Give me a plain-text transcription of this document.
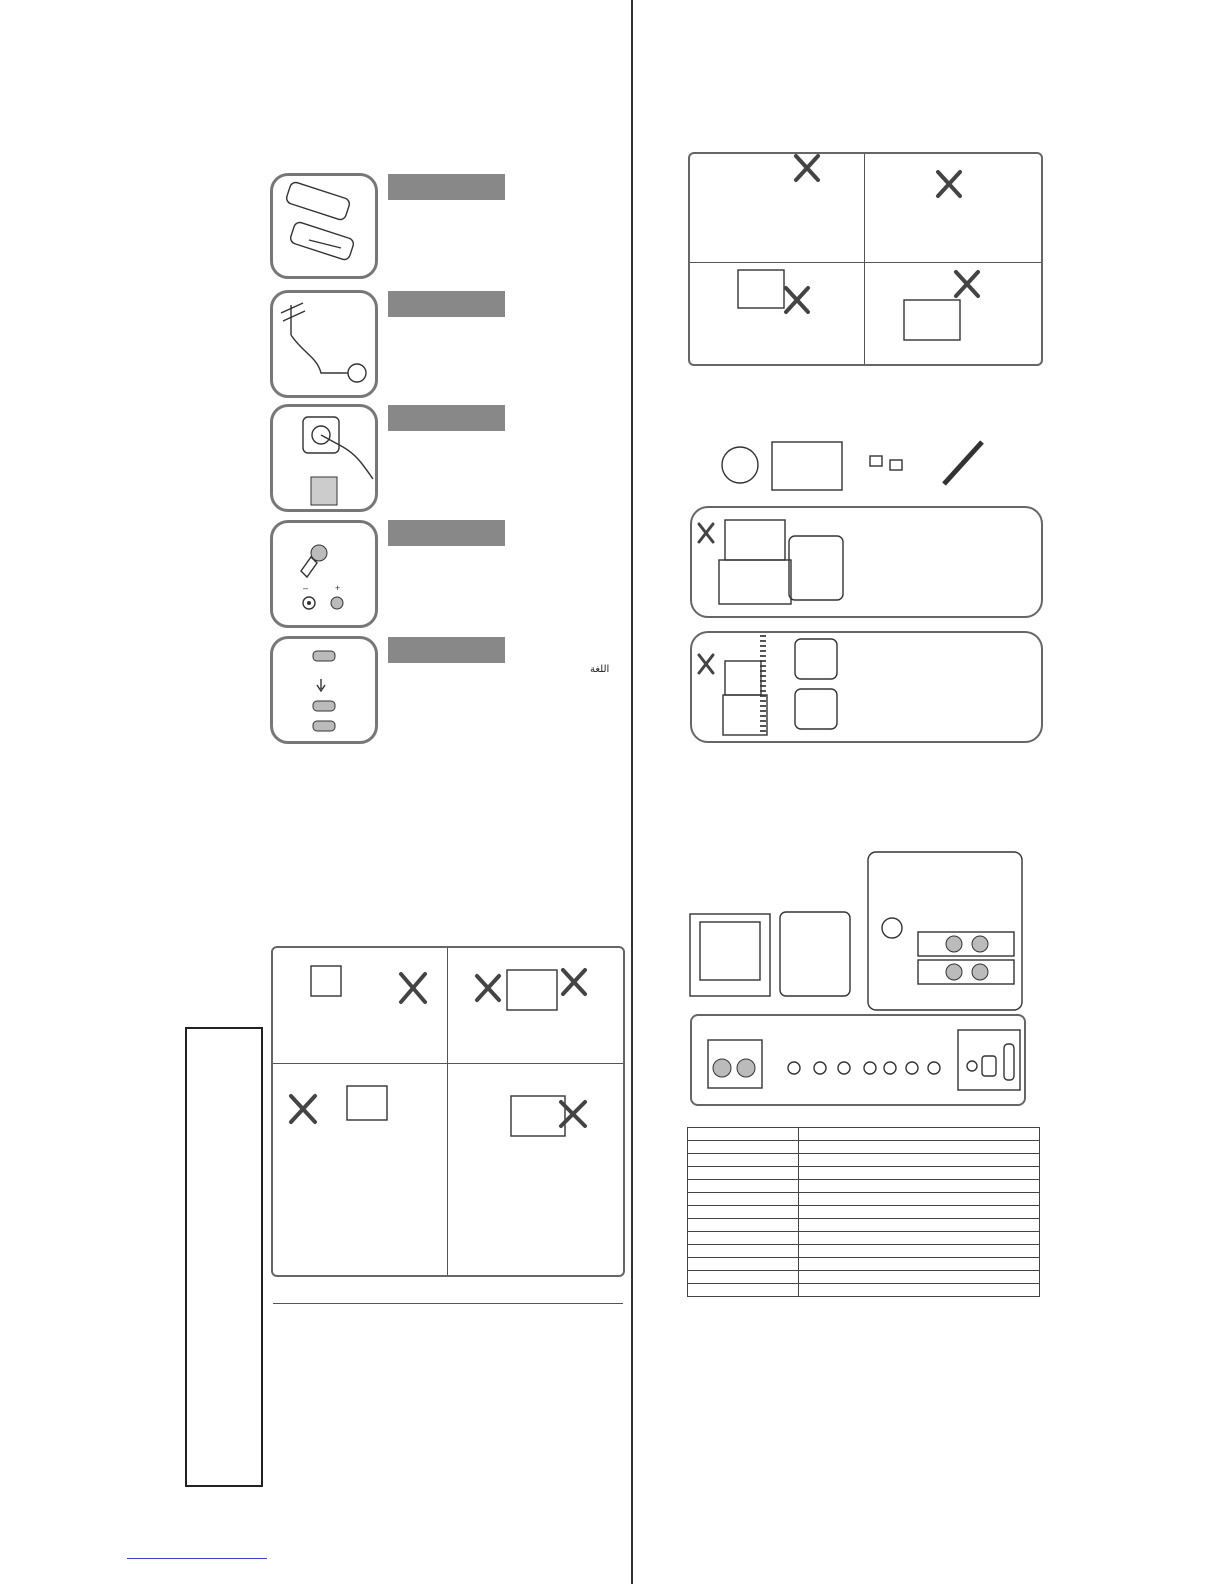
–	+
اللغة
